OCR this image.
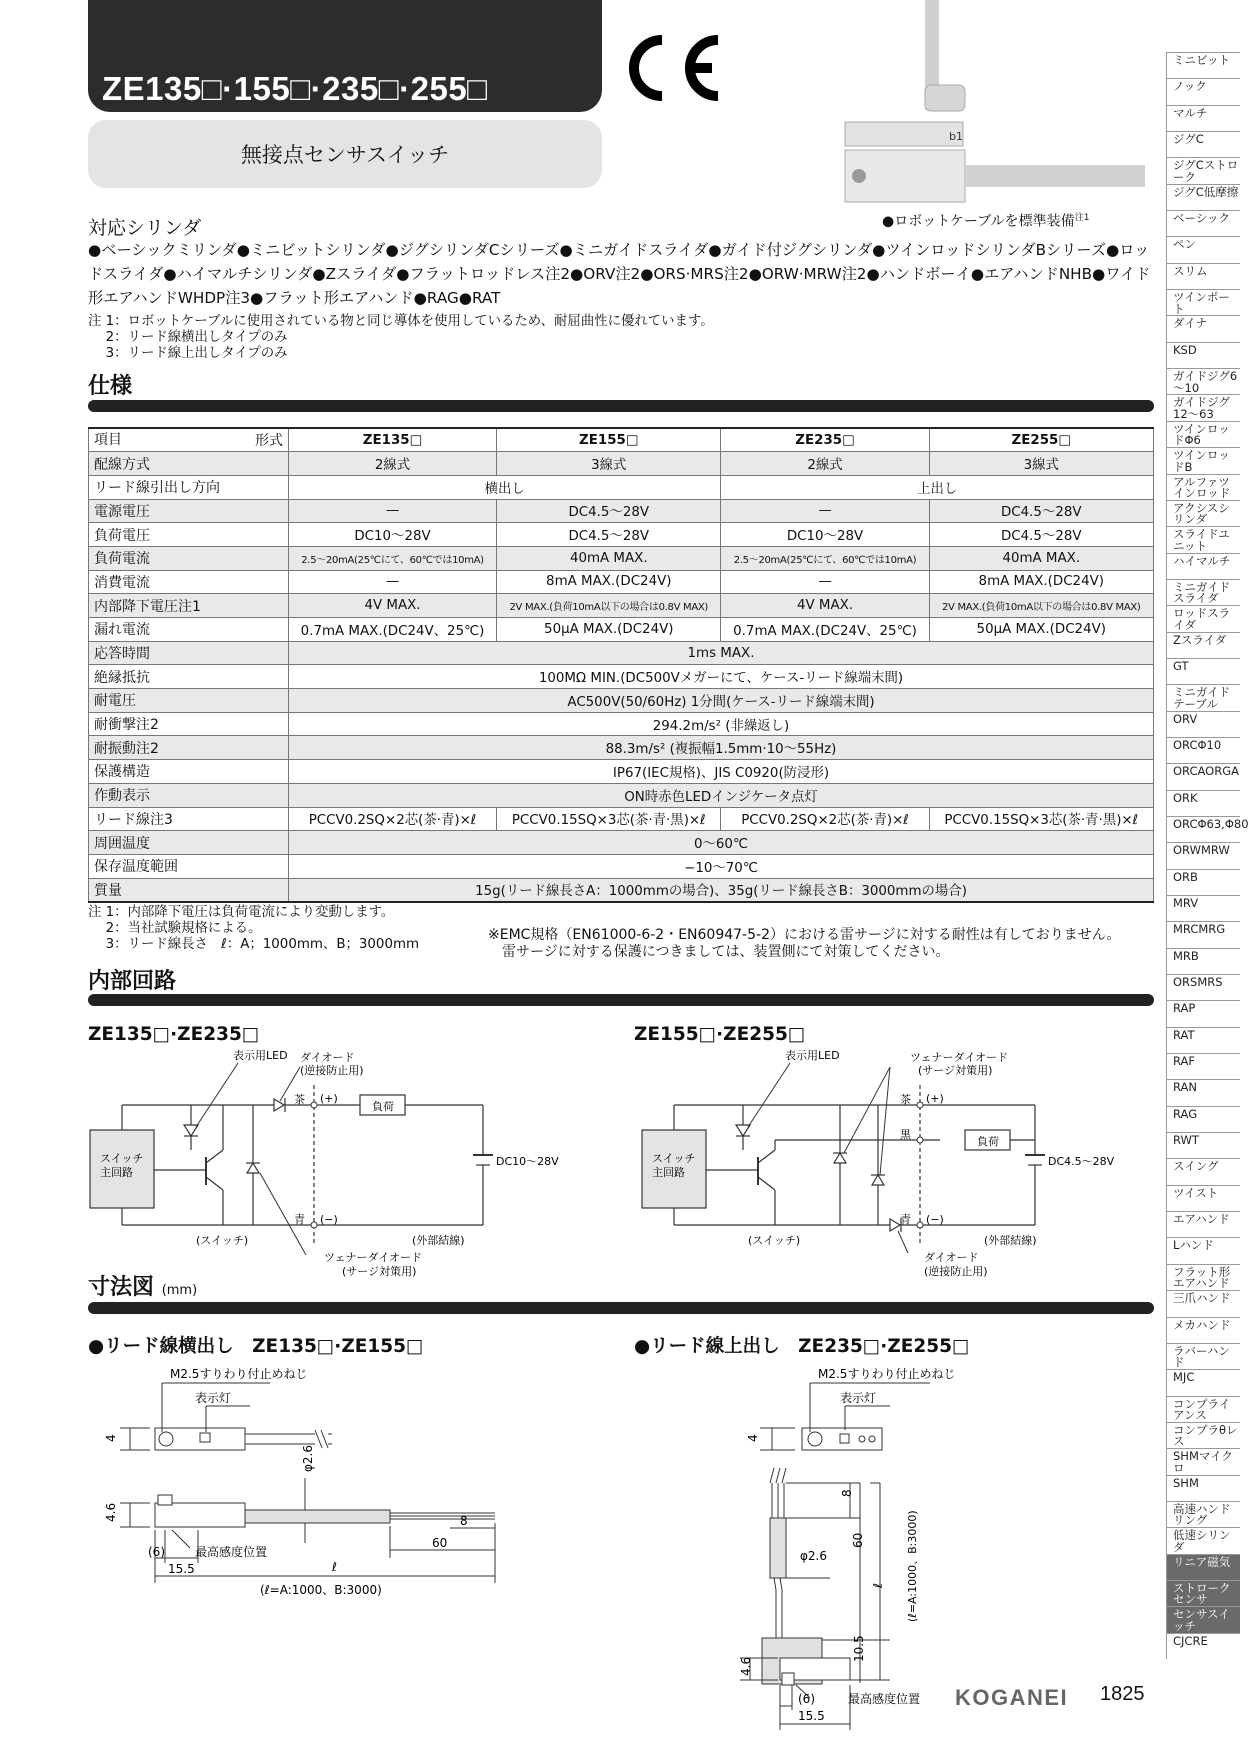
ZE135□·155□·235□·255□
無接点センサスイッチ
b1
●ロボットケーブルを標準装備$^{注1}$
対応シリンダ
●ベーシックミリンダ●ミニビットシリンダ●ジグシリンダCシリーズ●ミニガイドスライダ●ガイド付ジグシリンダ●ツインロッドシリンダBシリーズ●ロッドスライダ●ハイマルチシリンダ●Zスライダ●フラットロッドレス注2●ORV注2●ORS·MRS注2●ORW·MRW注2●ハンドボーイ●エアハンドNHB●ワイド形エアハンドWHDP注3●フラット形エアハンド●RAG●RAT
注 1：ロボットケーブルに使用されている物と同じ導体を使用しているため、耐屈曲性に優れています。
　 2：リード線横出しタイプのみ
　 3：リード線上出しタイプのみ
仕様
項目 形式	ZE135□	ZE155□	ZE235□	ZE255□
配線方式	2線式	3線式	2線式	3線式
リード線引出し方向	横出し		上出し	
電源電圧	—	DC4.5～28V	—	DC4.5～28V
負荷電圧	DC10～28V	DC4.5～28V	DC10～28V	DC4.5～28V
負荷電流	2.5～20mA(25℃にて、60℃では10mA)	40mA MAX.	2.5～20mA(25℃にて、60℃では10mA)	40mA MAX.
消費電流	—	8mA MAX.(DC24V)	—	8mA MAX.(DC24V)
内部降下電圧注1	4V MAX.	2V MAX.(負荷10mA以下の場合は0.8V MAX)	4V MAX.	2V MAX.(負荷10mA以下の場合は0.8V MAX)
漏れ電流	0.7mA MAX.(DC24V、25℃)	50μA MAX.(DC24V)	0.7mA MAX.(DC24V、25℃)	50μA MAX.(DC24V)
応答時間	1ms MAX.			
絶縁抵抗	100MΩ MIN.(DC500Vメガーにて、ケース-リード線端末間)			
耐電圧	AC500V(50/60Hz) 1分間(ケース-リード線端末間)			
耐衝撃注2	294.2m/s² (非繰返し)			
耐振動注2	88.3m/s² (複振幅1.5mm·10～55Hz)			
保護構造	IP67(IEC規格)、JIS C0920(防浸形)			
作動表示	ON時赤色LEDインジケータ点灯			
リード線注3	PCCV0.2SQ×2芯(茶·青)×ℓ	PCCV0.15SQ×3芯(茶·青·黒)×ℓ	PCCV0.2SQ×2芯(茶·青)×ℓ	PCCV0.15SQ×3芯(茶·青·黒)×ℓ
周囲温度	0～60℃			
保存温度範囲	−10～70℃			
質量	15g(リード線長さA：1000mmの場合)、35g(リード線長さB：3000mmの場合)			
注 1：内部降下電圧は負荷電流により変動します。
　 2：当社試験規格による。
　 3：リード線長さ　ℓ：A；1000mm、B；3000mm
※EMC規格（EN61000-6-2・EN60947-5-2）における雷サージに対する耐性は有しておりません。
　雷サージに対する保護につきましては、装置側にて対策してください。
内部回路
ZE135□·ZE235□	ZE155□·ZE255□
表示用LED ダイオード
(逆接防止用)
茶 (+)
負荷
スイッチ
主回路
DC10～28V
青 (−)
(スイッチ)	(外部結線)
ツェナーダイオード
(サージ対策用)
表示用LED	ツェナーダイオード
(サージ対策用)
茶 (+)
黒
負荷
スイッチ
主回路
DC4.5～28V
青 (−)
(スイッチ)	(外部結線)
ダイオード
(逆接防止用)
寸法図 (mm)
●リード線横出し　ZE135□·ZE155□	●リード線上出し　ZE235□·ZE255□
M2.5すりわり付止めねじ
表示灯
4
4.6
φ2.6
(6)
15.5
8
60
最高感度位置
ℓ
(ℓ=A:1000、B:3000)
M2.5すりわり付止めねじ
表示灯
4
8
60
φ2.6
ℓ (ℓ=A:1000、B:3000)
10.5
4.6
(6)
15.5
最高感度位置
ミニビット
ノック
マルチ
ジグC
ジグCストローク
ジグC低摩擦
ベーシック
ペン
スリム
ツインポート
ダイナ
KSD
ガイドジグ6～10
ガイドジグ12～63
ツインロッドΦ6
ツインロッドB
アルファツインロッド
アクシスシリンダ
スライドユニット
ハイマルチ
ミニガイドスライダ
ロッドスライダ
Zスライダ
GT
ミニガイドテーブル
ORV
ORCΦ10
ORCAORGA
ORK
ORCΦ63,Φ80
ORWMRW
ORB
MRV
MRCMRG
MRB
ORSMRS
RAP
RAT
RAF
RAN
RAG
RWT
スイング
ツイスト
エアハンド
Lハンド
フラット形エアハンド
三爪ハンド
メカハンド
ラバーハンド
MJC
コンプライアンス
コンプラθレス
SHMマイクロ
SHM
高速ハンドリング
低速シリンダ
リニア磁気
ストロークセンサ
センサスイッチ
CJCRE
KOGANEI 1825
